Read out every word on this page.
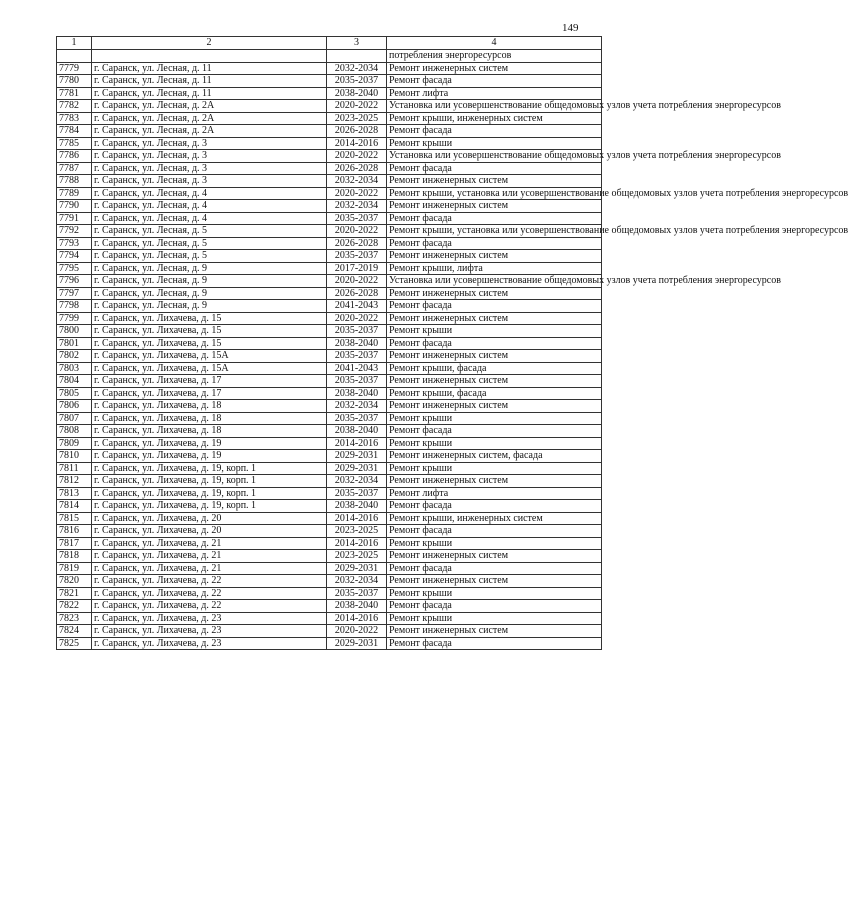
149
1	2	3	4
			потребления энергоресурсов
7779	г. Саранск, ул. Лесная, д. 11	2032-2034	Ремонт инженерных систем
7780	г. Саранск, ул. Лесная, д. 11	2035-2037	Ремонт фасада
7781	г. Саранск, ул. Лесная, д. 11	2038-2040	Ремонт лифта
7782	г. Саранск, ул. Лесная, д. 2А	2020-2022	Установка или усовершенствование общедомовых узлов учета потребления энергоресурсов
7783	г. Саранск, ул. Лесная, д. 2А	2023-2025	Ремонт крыши, инженерных систем
7784	г. Саранск, ул. Лесная, д. 2А	2026-2028	Ремонт фасада
7785	г. Саранск, ул. Лесная, д. 3	2014-2016	Ремонт крыши
7786	г. Саранск, ул. Лесная, д. 3	2020-2022	Установка или усовершенствование общедомовых узлов учета потребления энергоресурсов
7787	г. Саранск, ул. Лесная, д. 3	2026-2028	Ремонт фасада
7788	г. Саранск, ул. Лесная, д. 3	2032-2034	Ремонт инженерных систем
7789	г. Саранск, ул. Лесная, д. 4	2020-2022	Ремонт крыши, установка или усовершенствование общедомовых узлов учета потребления энергоресурсов
7790	г. Саранск, ул. Лесная, д. 4	2032-2034	Ремонт инженерных систем
7791	г. Саранск, ул. Лесная, д. 4	2035-2037	Ремонт фасада
7792	г. Саранск, ул. Лесная, д. 5	2020-2022	Ремонт крыши, установка или усовершенствование общедомовых узлов учета потребления энергоресурсов
7793	г. Саранск, ул. Лесная, д. 5	2026-2028	Ремонт фасада
7794	г. Саранск, ул. Лесная, д. 5	2035-2037	Ремонт инженерных систем
7795	г. Саранск, ул. Лесная, д. 9	2017-2019	Ремонт крыши, лифта
7796	г. Саранск, ул. Лесная, д. 9	2020-2022	Установка или усовершенствование общедомовых узлов учета потребления энергоресурсов
7797	г. Саранск, ул. Лесная, д. 9	2026-2028	Ремонт инженерных систем
7798	г. Саранск, ул. Лесная, д. 9	2041-2043	Ремонт фасада
7799	г. Саранск, ул. Лихачева, д. 15	2020-2022	Ремонт инженерных систем
7800	г. Саранск, ул. Лихачева, д. 15	2035-2037	Ремонт крыши
7801	г. Саранск, ул. Лихачева, д. 15	2038-2040	Ремонт фасада
7802	г. Саранск, ул. Лихачева, д. 15А	2035-2037	Ремонт инженерных систем
7803	г. Саранск, ул. Лихачева, д. 15А	2041-2043	Ремонт крыши, фасада
7804	г. Саранск, ул. Лихачева, д. 17	2035-2037	Ремонт инженерных систем
7805	г. Саранск, ул. Лихачева, д. 17	2038-2040	Ремонт крыши, фасада
7806	г. Саранск, ул. Лихачева, д. 18	2032-2034	Ремонт инженерных систем
7807	г. Саранск, ул. Лихачева, д. 18	2035-2037	Ремонт крыши
7808	г. Саранск, ул. Лихачева, д. 18	2038-2040	Ремонт фасада
7809	г. Саранск, ул. Лихачева, д. 19	2014-2016	Ремонт крыши
7810	г. Саранск, ул. Лихачева, д. 19	2029-2031	Ремонт инженерных систем, фасада
7811	г. Саранск, ул. Лихачева, д. 19, корп. 1	2029-2031	Ремонт крыши
7812	г. Саранск, ул. Лихачева, д. 19, корп. 1	2032-2034	Ремонт инженерных систем
7813	г. Саранск, ул. Лихачева, д. 19, корп. 1	2035-2037	Ремонт лифта
7814	г. Саранск, ул. Лихачева, д. 19, корп. 1	2038-2040	Ремонт фасада
7815	г. Саранск, ул. Лихачева, д. 20	2014-2016	Ремонт крыши, инженерных систем
7816	г. Саранск, ул. Лихачева, д. 20	2023-2025	Ремонт фасада
7817	г. Саранск, ул. Лихачева, д. 21	2014-2016	Ремонт крыши
7818	г. Саранск, ул. Лихачева, д. 21	2023-2025	Ремонт инженерных систем
7819	г. Саранск, ул. Лихачева, д. 21	2029-2031	Ремонт фасада
7820	г. Саранск, ул. Лихачева, д. 22	2032-2034	Ремонт инженерных систем
7821	г. Саранск, ул. Лихачева, д. 22	2035-2037	Ремонт крыши
7822	г. Саранск, ул. Лихачева, д. 22	2038-2040	Ремонт фасада
7823	г. Саранск, ул. Лихачева, д. 23	2014-2016	Ремонт крыши
7824	г. Саранск, ул. Лихачева, д. 23	2020-2022	Ремонт инженерных систем
7825	г. Саранск, ул. Лихачева, д. 23	2029-2031	Ремонт фасада
